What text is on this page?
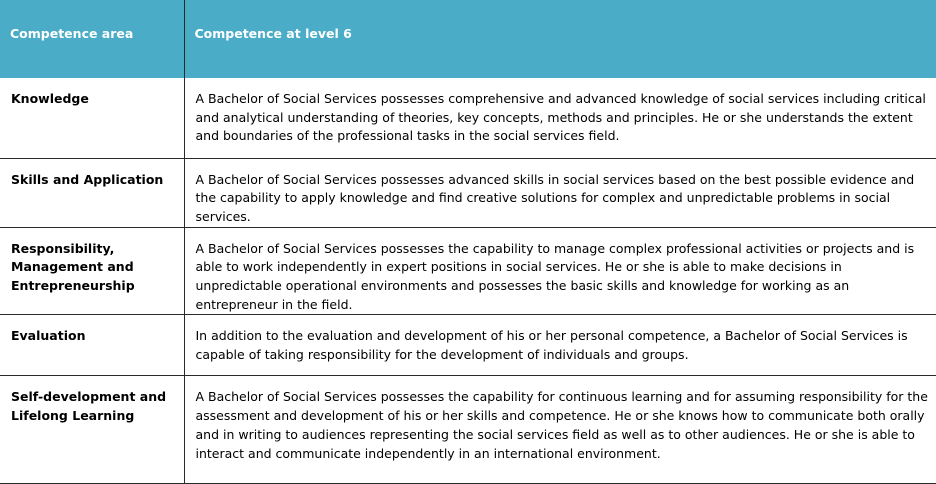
Competence area	Competence at level 6
Knowledge	A Bachelor of Social Services possesses comprehensive and advanced knowledge of social services including critical and analytical understanding of theories, key concepts, methods and principles. He or she understands the extent and boundaries of the professional tasks in the social services field.
Skills and Application	A Bachelor of Social Services possesses advanced skills in social services based on the best possible evidence and the capability to apply knowledge and find creative solutions for complex and unpredictable problems in social services.
Responsibility, Management and Entrepreneurship	A Bachelor of Social Services possesses the capability to manage complex professional activities or projects and is able to work independently in expert positions in social services. He or she is able to make decisions in unpredictable operational environments and possesses the basic skills and knowledge for working as an entrepreneur in the field.
Evaluation	In addition to the evaluation and development of his or her personal competence, a Bachelor of Social Services is capable of taking responsibility for the development of individuals and groups.
Self-development and Lifelong Learning	A Bachelor of Social Services possesses the capability for continuous learning and for assuming responsibility for the assessment and development of his or her skills and competence. He or she knows how to communicate both orally and in writing to audiences representing the social services field as well as to other audiences. He or she is able to interact and communicate independently in an international environment.
